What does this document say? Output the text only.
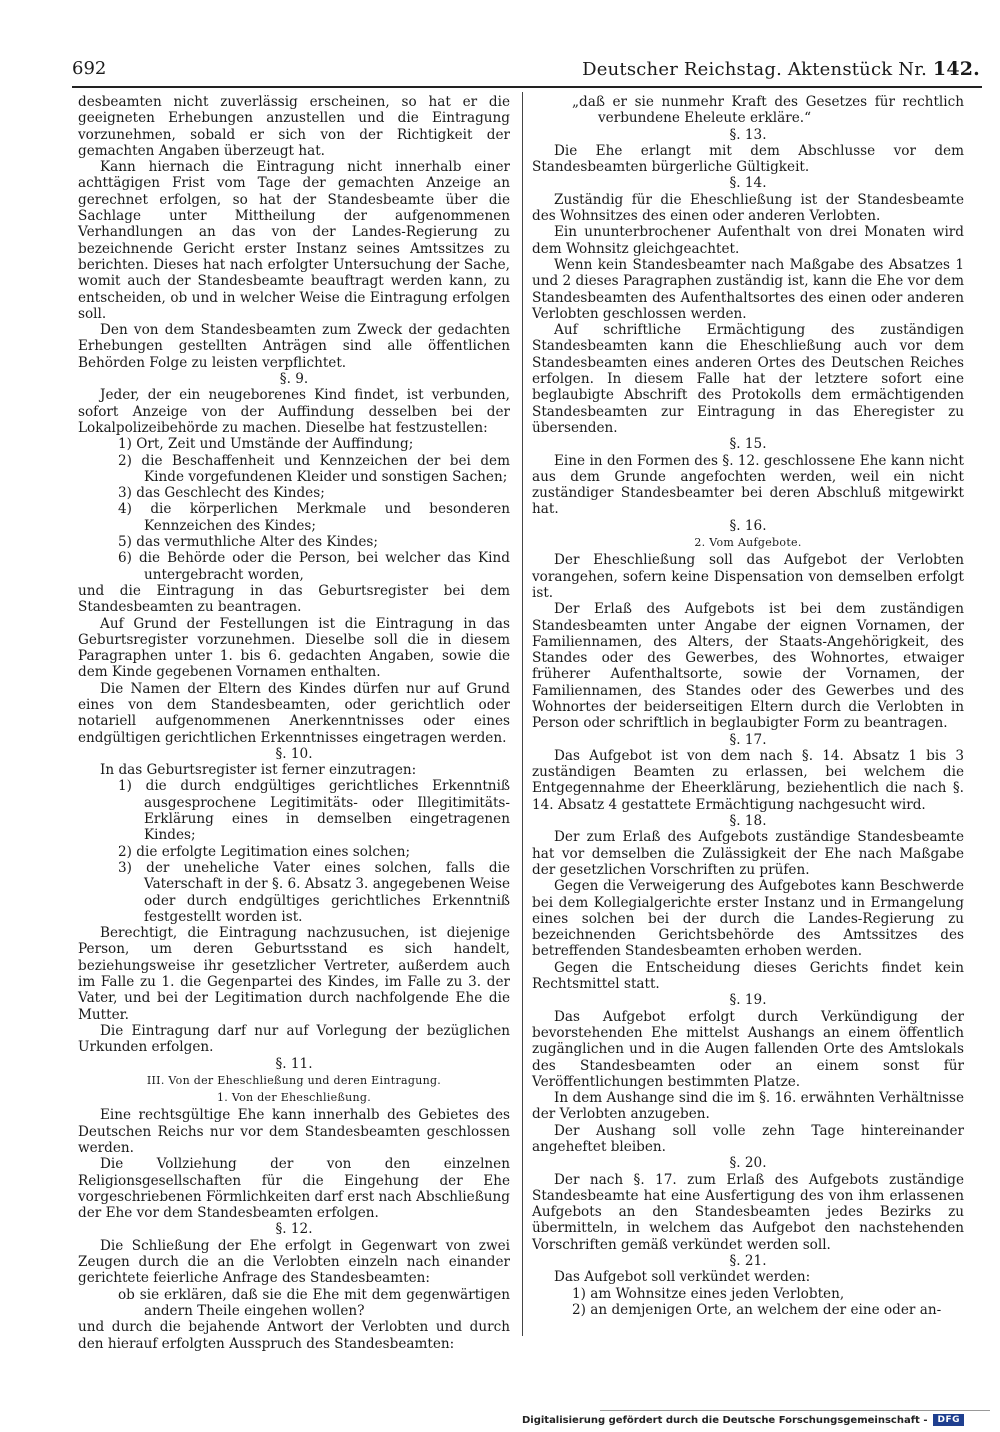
692	Deutscher Reichstag. Aktenstück Nr. 142.

desbeamten nicht zuverlässig erscheinen, so hat er die geeigneten Erhebungen anzustellen und die Eintragung vorzunehmen, sobald er sich von der Richtigkeit der gemachten Angaben überzeugt hat.

Kann hiernach die Eintragung nicht innerhalb einer achttägigen Frist vom Tage der gemachten Anzeige an gerechnet erfolgen, so hat der Standesbeamte über die Sachlage unter Mittheilung der aufgenommenen Verhandlungen an das von der Landes-Regierung zu bezeichnende Gericht erster Instanz seines Amtssitzes zu berichten. Dieses hat nach erfolgter Untersuchung der Sache, womit auch der Standesbeamte beauftragt werden kann, zu entscheiden, ob und in welcher Weise die Eintragung erfolgen soll.

Den von dem Standesbeamten zum Zweck der gedachten Erhebungen gestellten Anträgen sind alle öffentlichen Behörden Folge zu leisten verpflichtet.

§. 9.

Jeder, der ein neugeborenes Kind findet, ist verbunden, sofort Anzeige von der Auffindung desselben bei der Lokalpolizeibehörde zu machen. Dieselbe hat festzustellen:

1) Ort, Zeit und Umstände der Auffindung;

2) die Beschaffenheit und Kennzeichen der bei dem Kinde vorgefundenen Kleider und sonstigen Sachen;

3) das Geschlecht des Kindes;

4) die körperlichen Merkmale und besonderen Kennzeichen des Kindes;

5) das vermuthliche Alter des Kindes;

6) die Behörde oder die Person, bei welcher das Kind untergebracht worden,

und die Eintragung in das Geburtsregister bei dem Standesbeamten zu beantragen.

Auf Grund der Festellungen ist die Eintragung in das Geburtsregister vorzunehmen. Dieselbe soll die in diesem Paragraphen unter 1. bis 6. gedachten Angaben, sowie die dem Kinde gegebenen Vornamen enthalten.

Die Namen der Eltern des Kindes dürfen nur auf Grund eines von dem Standesbeamten, oder gerichtlich oder notariell aufgenommenen Anerkenntnisses oder eines endgültigen gerichtlichen Erkenntnisses eingetragen werden.

§. 10.

In das Geburtsregister ist ferner einzutragen:

1) die durch endgültiges gerichtliches Erkenntniß ausgesprochene Legitimitäts- oder Illegitimitäts-Erklärung eines in demselben eingetragenen Kindes;

2) die erfolgte Legitimation eines solchen;

3) der uneheliche Vater eines solchen, falls die Vaterschaft in der §. 6. Absatz 3. angegebenen Weise oder durch endgültiges gerichtliches Erkenntniß festgestellt worden ist.

Berechtigt, die Eintragung nachzusuchen, ist diejenige Person, um deren Geburtsstand es sich handelt, beziehungsweise ihr gesetzlicher Vertreter, außerdem auch im Falle zu 1. die Gegenpartei des Kindes, im Falle zu 3. der Vater, und bei der Legitimation durch nachfolgende Ehe die Mutter.

Die Eintragung darf nur auf Vorlegung der bezüglichen Urkunden erfolgen.

§. 11.

III. Von der Eheschließung und deren Eintragung.

1. Von der Eheschließung.

Eine rechtsgültige Ehe kann innerhalb des Gebietes des Deutschen Reichs nur vor dem Standesbeamten geschlossen werden.

Die Vollziehung der von den einzelnen Religionsgesellschaften für die Eingehung der Ehe vorgeschriebenen Förmlichkeiten darf erst nach Abschließung der Ehe vor dem Standesbeamten erfolgen.

§. 12.

Die Schließung der Ehe erfolgt in Gegenwart von zwei Zeugen durch die an die Verlobten einzeln nach einander gerichtete feierliche Anfrage des Standesbeamten:

ob sie erklären, daß sie die Ehe mit dem gegenwärtigen andern Theile eingehen wollen?

und durch die bejahende Antwort der Verlobten und durch den hierauf erfolgten Ausspruch des Standesbeamten:

„daß er sie nunmehr Kraft des Gesetzes für rechtlich verbundene Eheleute erkläre.“

§. 13.

Die Ehe erlangt mit dem Abschlusse vor dem Standesbeamten bürgerliche Gültigkeit.

§. 14.

Zuständig für die Eheschließung ist der Standesbeamte des Wohnsitzes des einen oder anderen Verlobten.

Ein ununterbrochener Aufenthalt von drei Monaten wird dem Wohnsitz gleichgeachtet.

Wenn kein Standesbeamter nach Maßgabe des Absatzes 1 und 2 dieses Paragraphen zuständig ist, kann die Ehe vor dem Standesbeamten des Aufenthaltsortes des einen oder anderen Verlobten geschlossen werden.

Auf schriftliche Ermächtigung des zuständigen Standesbeamten kann die Eheschließung auch vor dem Standesbeamten eines anderen Ortes des Deutschen Reiches erfolgen. In diesem Falle hat der letztere sofort eine beglaubigte Abschrift des Protokolls dem ermächtigenden Standesbeamten zur Eintragung in das Eheregister zu übersenden.

§. 15.

Eine in den Formen des §. 12. geschlossene Ehe kann nicht aus dem Grunde angefochten werden, weil ein nicht zuständiger Standesbeamter bei deren Abschluß mitgewirkt hat.

§. 16.

2. Vom Aufgebote.

Der Eheschließung soll das Aufgebot der Verlobten vorangehen, sofern keine Dispensation von demselben erfolgt ist.

Der Erlaß des Aufgebots ist bei dem zuständigen Standesbeamten unter Angabe der eignen Vornamen, der Familiennamen, des Alters, der Staats-Angehörigkeit, des Standes oder des Gewerbes, des Wohnortes, etwaiger früherer Aufenthaltsorte, sowie der Vornamen, der Familiennamen, des Standes oder des Gewerbes und des Wohnortes der beiderseitigen Eltern durch die Verlobten in Person oder schriftlich in beglaubigter Form zu beantragen.

§. 17.

Das Aufgebot ist von dem nach §. 14. Absatz 1 bis 3 zuständigen Beamten zu erlassen, bei welchem die Entgegennahme der Eheerklärung, beziehentlich die nach §. 14. Absatz 4 gestattete Ermächtigung nachgesucht wird.

§. 18.

Der zum Erlaß des Aufgebots zuständige Standesbeamte hat vor demselben die Zulässigkeit der Ehe nach Maßgabe der gesetzlichen Vorschriften zu prüfen.

Gegen die Verweigerung des Aufgebotes kann Beschwerde bei dem Kollegialgerichte erster Instanz und in Ermangelung eines solchen bei der durch die Landes-Regierung zu bezeichnenden Gerichtsbehörde des Amtssitzes des betreffenden Standesbeamten erhoben werden.

Gegen die Entscheidung dieses Gerichts findet kein Rechtsmittel statt.

§. 19.

Das Aufgebot erfolgt durch Verkündigung der bevorstehenden Ehe mittelst Aushangs an einem öffentlich zugänglichen und in die Augen fallenden Orte des Amtslokals des Standesbeamten oder an einem sonst für Veröffentlichungen bestimmten Platze.

In dem Aushange sind die im §. 16. erwähnten Verhältnisse der Verlobten anzugeben.

Der Aushang soll volle zehn Tage hintereinander angeheftet bleiben.

§. 20.

Der nach §. 17. zum Erlaß des Aufgebots zuständige Standesbeamte hat eine Ausfertigung des von ihm erlassenen Aufgebots an den Standesbeamten jedes Bezirks zu übermitteln, in welchem das Aufgebot den nachstehenden Vorschriften gemäß verkündet werden soll.

§. 21.

Das Aufgebot soll verkündet werden:

1) am Wohnsitze eines jeden Verlobten,

2) an demjenigen Orte, an welchem der eine oder an-

Digitalisierung gefördert durch die Deutsche Forschungsgemeinschaft -	DFG
